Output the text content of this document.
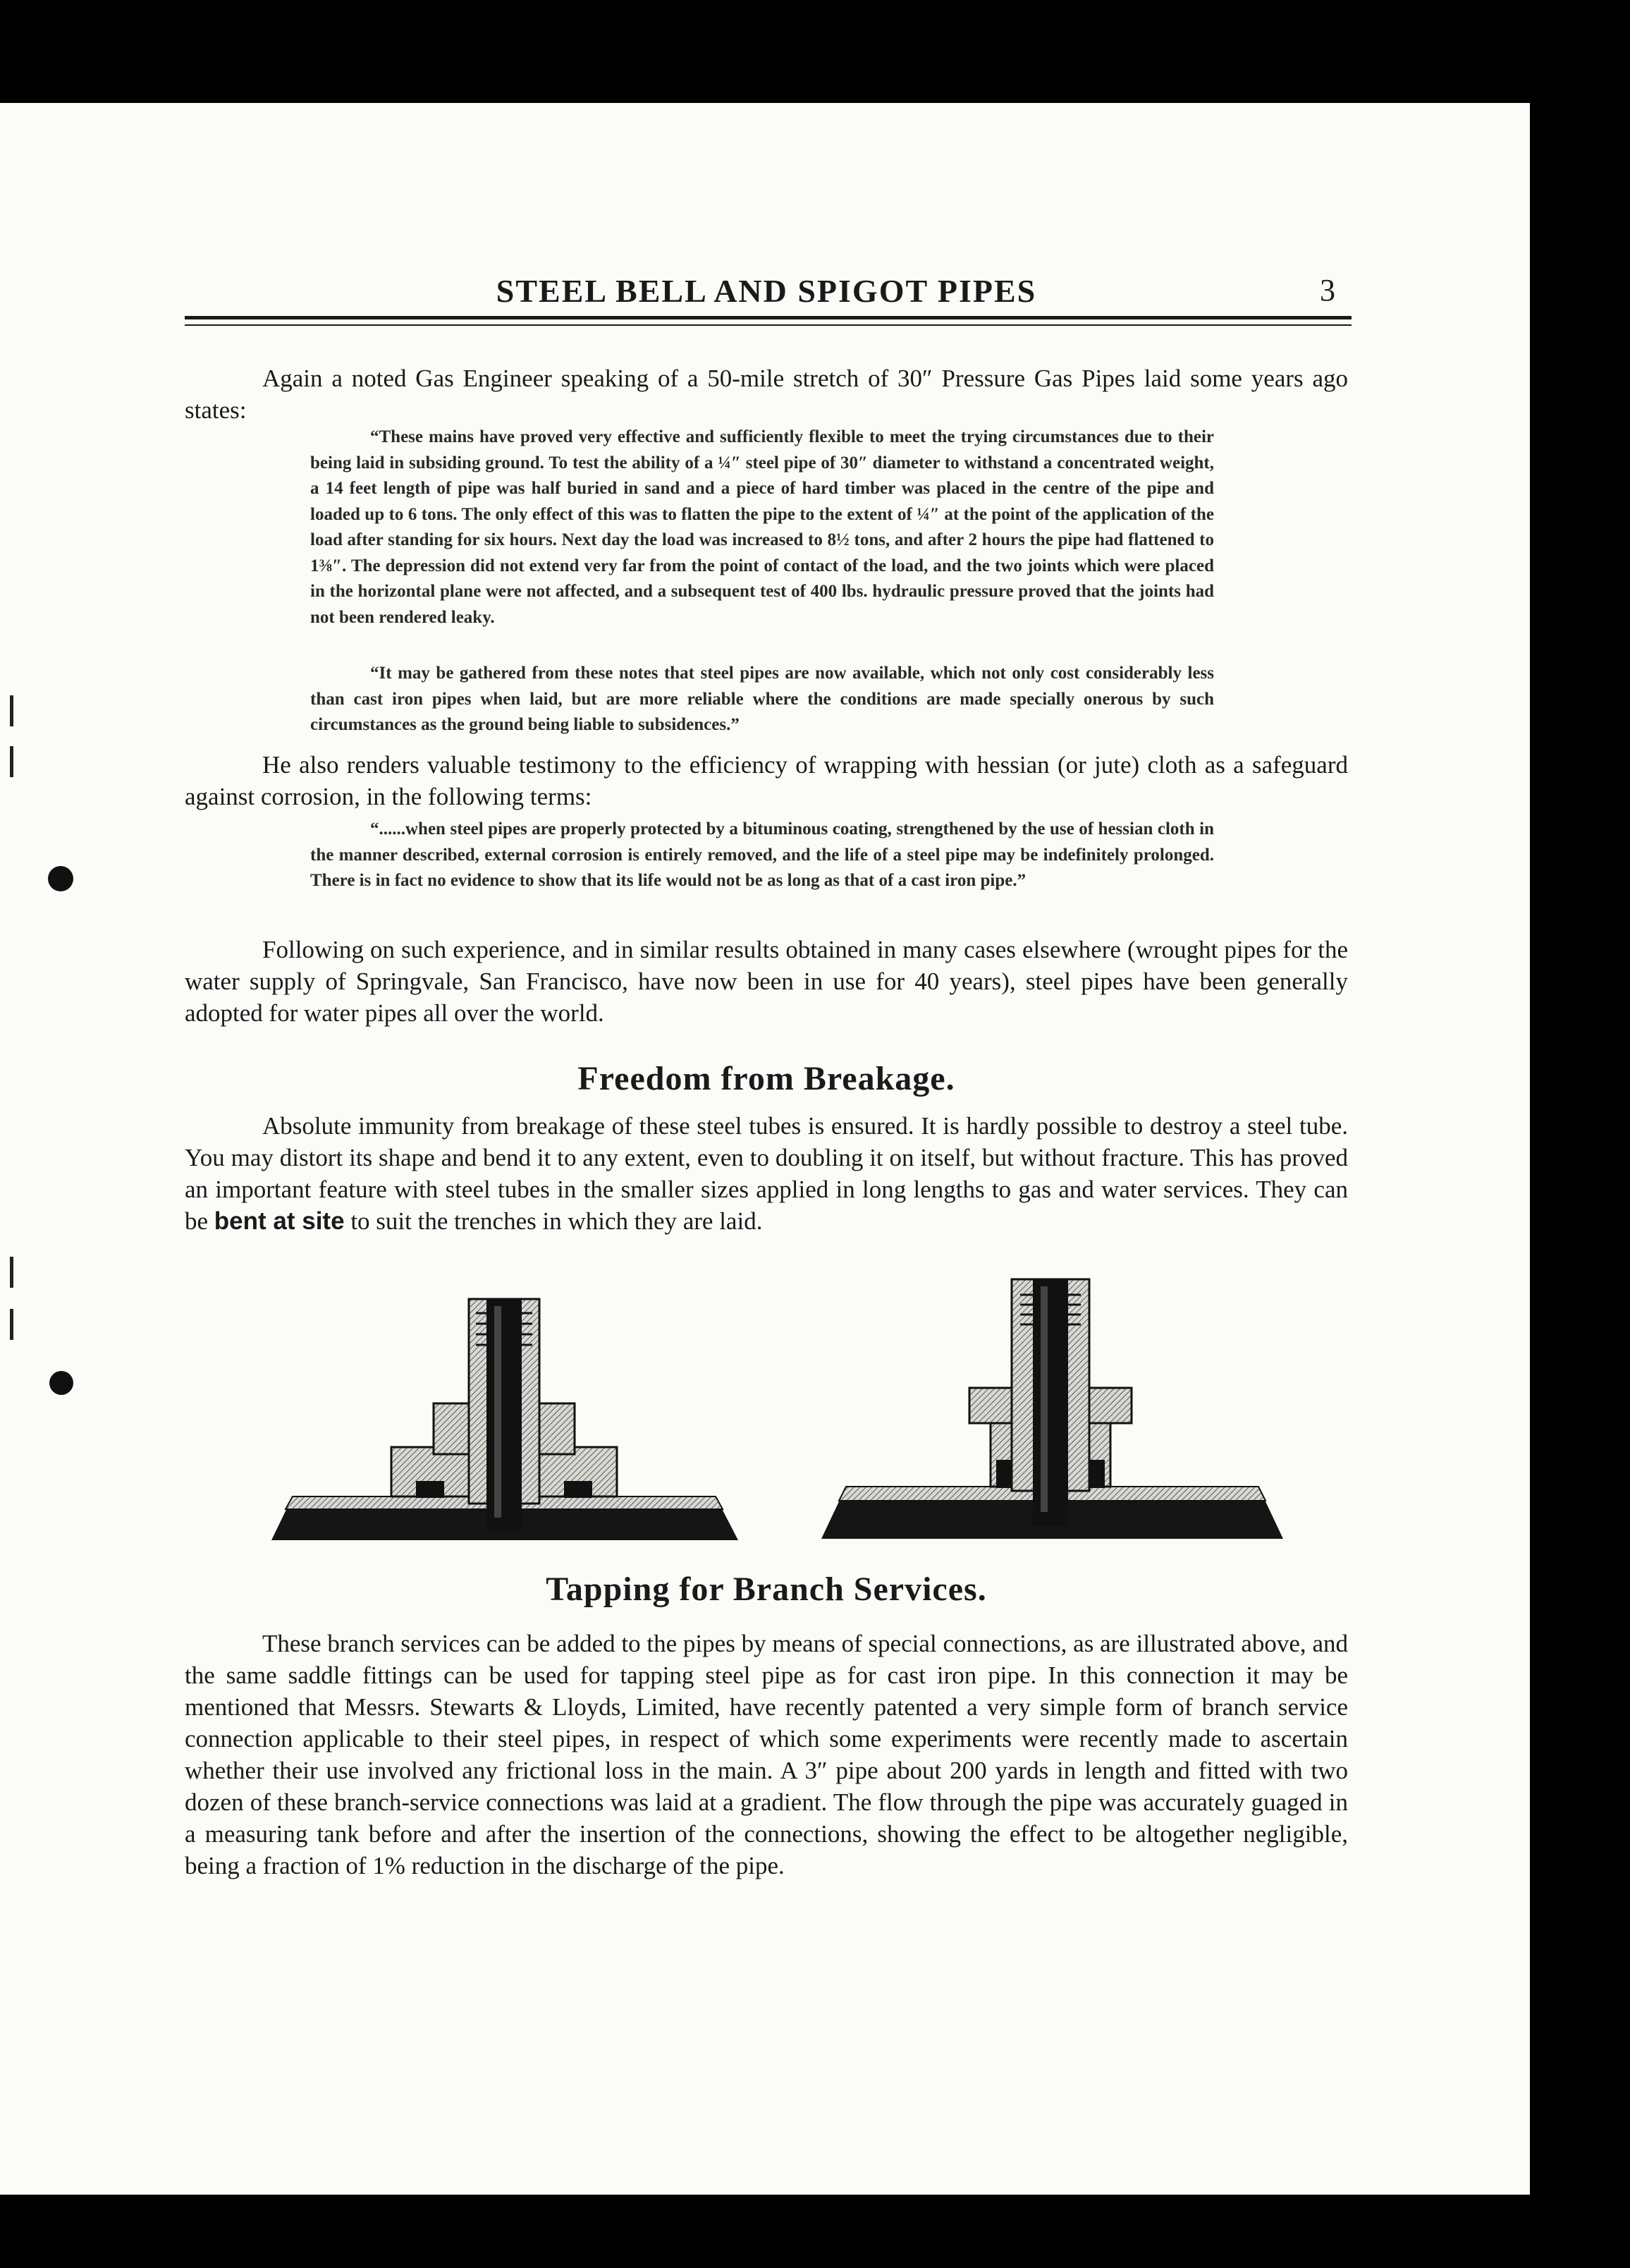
STEEL BELL AND SPIGOT PIPES	3

Again a noted Gas Engineer speaking of a 50-mile stretch of 30″ Pressure Gas Pipes laid some years ago states:

“These mains have proved very effective and sufficiently flexible to meet the trying circumstances due to their being laid in subsiding ground. To test the ability of a ¼″ steel pipe of 30″ diameter to withstand a concentrated weight, a 14 feet length of pipe was half buried in sand and a piece of hard timber was placed in the centre of the pipe and loaded up to 6 tons. The only effect of this was to flatten the pipe to the extent of ¼″ at the point of the application of the load after standing for six hours. Next day the load was increased to 8½ tons, and after 2 hours the pipe had flattened to 1⅜″. The depression did not extend very far from the point of contact of the load, and the two joints which were placed in the horizontal plane were not affected, and a subsequent test of 400 lbs. hydraulic pressure proved that the joints had not been rendered leaky.

“It may be gathered from these notes that steel pipes are now available, which not only cost considerably less than cast iron pipes when laid, but are more reliable where the conditions are made specially onerous by such circumstances as the ground being liable to subsidences.”

He also renders valuable testimony to the efficiency of wrapping with hessian (or jute) cloth as a safeguard against corrosion, in the following terms:

“......when steel pipes are properly protected by a bituminous coating, strengthened by the use of hessian cloth in the manner described, external corrosion is entirely removed, and the life of a steel pipe may be indefinitely prolonged. There is in fact no evidence to show that its life would not be as long as that of a cast iron pipe.”

Following on such experience, and in similar results obtained in many cases elsewhere (wrought pipes for the water supply of Springvale, San Francisco, have now been in use for 40 years), steel pipes have been generally adopted for water pipes all over the world.

Freedom from Breakage.

Absolute immunity from breakage of these steel tubes is ensured. It is hardly possible to destroy a steel tube. You may distort its shape and bend it to any extent, even to doubling it on itself, but without fracture. This has proved an important feature with steel tubes in the smaller sizes applied in long lengths to gas and water services. They can be bent at site to suit the trenches in which they are laid.

Tapping for Branch Services.

These branch services can be added to the pipes by means of special connections, as are illustrated above, and the same saddle fittings can be used for tapping steel pipe as for cast iron pipe. In this connection it may be mentioned that Messrs. Stewarts & Lloyds, Limited, have recently patented a very simple form of branch service connection applicable to their steel pipes, in respect of which some experiments were recently made to ascertain whether their use involved any frictional loss in the main. A 3″ pipe about 200 yards in length and fitted with two dozen of these branch-service connections was laid at a gradient. The flow through the pipe was accurately guaged in a measuring tank before and after the insertion of the connections, showing the effect to be altogether negligible, being a fraction of 1% reduction in the discharge of the pipe.
